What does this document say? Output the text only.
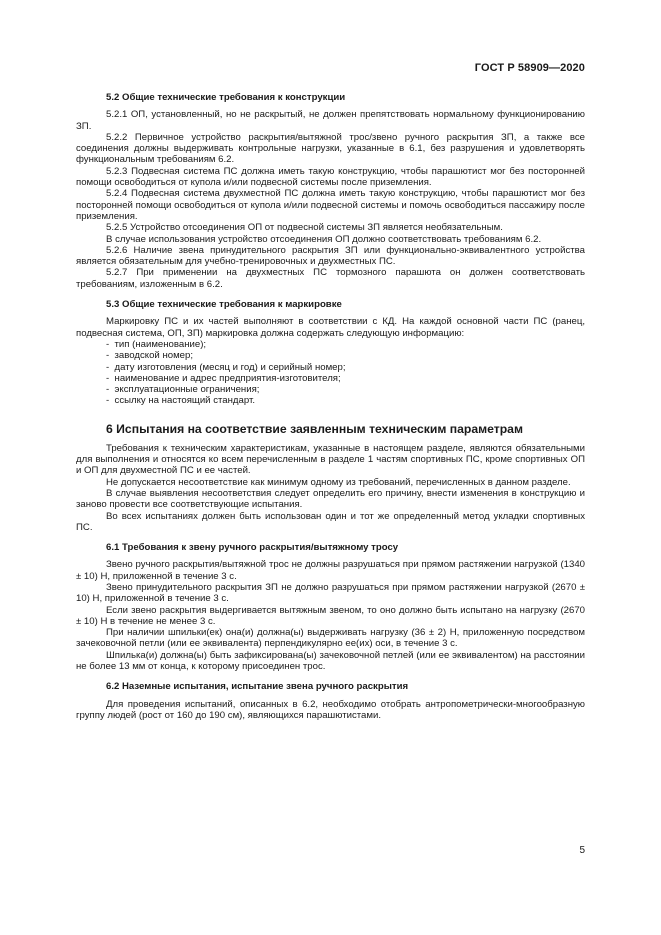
ГОСТ Р 58909—2020
5.2 Общие технические требования к конструкции

5.2.1 ОП, установленный, но не раскрытый, не должен препятствовать нормальному функционированию ЗП.

5.2.2 Первичное устройство раскрытия/вытяжной трос/звено ручного раскрытия ЗП, а также все соединения должны выдерживать контрольные нагрузки, указанные в 6.1, без разрушения и удовлетворять функциональным требованиям 6.2.

5.2.3 Подвесная система ПС должна иметь такую конструкцию, чтобы парашютист мог без посторонней помощи освободиться от купола и/или подвесной системы после приземления.

5.2.4 Подвесная система двухместной ПС должна иметь такую конструкцию, чтобы парашютист мог без посторонней помощи освободиться от купола и/или подвесной системы и помочь освободиться пассажиру после приземления.

5.2.5 Устройство отсоединения ОП от подвесной системы ЗП является необязательным.

В случае использования устройство отсоединения ОП должно соответствовать требованиям 6.2.

5.2.6 Наличие звена принудительного раскрытия ЗП или функционально-эквивалентного устройства является обязательным для учебно-тренировочных и двухместных ПС.

5.2.7 При применении на двухместных ПС тормозного парашюта он должен соответствовать требованиям, изложенным в 6.2.

5.3 Общие технические требования к маркировке

Маркировку ПС и их частей выполняют в соответствии с КД. На каждой основной части ПС (ранец, подвесная система, ОП, ЗП) маркировка должна содержать следующую информацию:

- тип (наименование);
- заводской номер;
- дату изготовления (месяц и год) и серийный номер;
- наименование и адрес предприятия-изготовителя;
- эксплуатационные ограничения;
- ссылку на настоящий стандарт.
6 Испытания на соответствие заявленным техническим параметрам

Требования к техническим характеристикам, указанные в настоящем разделе, являются обязательными для выполнения и относятся ко всем перечисленным в разделе 1 частям спортивных ПС, кроме спортивных ОП и ОП для двухместной ПС и ее частей.

Не допускается несоответствие как минимум одному из требований, перечисленных в данном разделе.

В случае выявления несоответствия следует определить его причину, внести изменения в конструкцию и заново провести все соответствующие испытания.

Во всех испытаниях должен быть использован один и тот же определенный метод укладки спортивных ПС.

6.1 Требования к звену ручного раскрытия/вытяжному тросу

Звено ручного раскрытия/вытяжной трос не должны разрушаться при прямом растяжении нагрузкой (1340 ± 10) Н, приложенной в течение 3 с.

Звено принудительного раскрытия ЗП не должно разрушаться при прямом растяжении нагрузкой (2670 ± 10) Н, приложенной в течение 3 с.

Если звено раскрытия выдергивается вытяжным звеном, то оно должно быть испытано на нагрузку (2670 ± 10) Н в течение не менее 3 с.

При наличии шпильки(ек) она(и) должна(ы) выдерживать нагрузку (36 ± 2) Н, приложенную посредством зачековочной петли (или ее эквивалента) перпендикулярно ее(их) оси, в течение 3 с.

Шпилька(и) должна(ы) быть зафиксирована(ы) зачековочной петлей (или ее эквивалентом) на расстоянии не более 13 мм от конца, к которому присоединен трос.

6.2 Наземные испытания, испытание звена ручного раскрытия

Для проведения испытаний, описанных в 6.2, необходимо отобрать антропометрически-многообразную группу людей (рост от 160 до 190 см), являющихся парашютистами.

5
